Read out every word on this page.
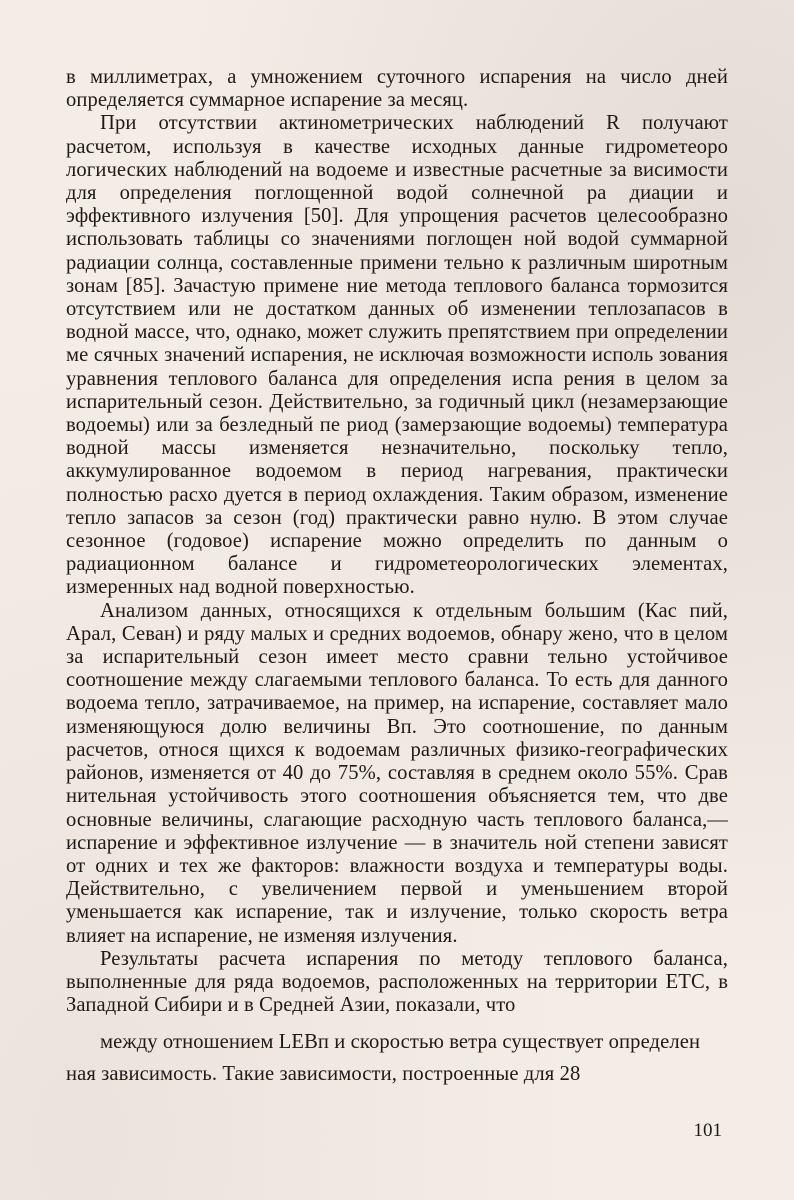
в миллиметрах, а умножением суточного испарения на число дней определяется суммарное испарение за месяц.

При отсутствии актинометрических наблюдений R получают расчетом, используя в качестве исходных данные гидрометеоро логических наблюдений на водоеме и известные расчетные за висимости для определения поглощенной водой солнечной ра диации и эффективного излучения [50]. Для упрощения расчетов целесообразно использовать таблицы со значениями поглощен ной водой суммарной радиации солнца, составленные примени тельно к различным широтным зонам [85]. Зачастую примене ние метода теплового баланса тормозится отсутствием или не достатком данных об изменении теплозапасов в водной массе, что, однако, может служить препятствием при определении ме сячных значений испарения, не исключая возможности исполь зования уравнения теплового баланса для определения испа рения в целом за испарительный сезон. Действительно, за годичный цикл (незамерзающие водоемы) или за безледный пе риод (замерзающие водоемы) температура водной массы изменяется незначительно, поскольку тепло, аккумулированное водоемом в период нагревания, практически полностью расхо дуется в период охлаждения. Таким образом, изменение тепло запасов за сезон (год) практически равно нулю. В этом случае сезонное (годовое) испарение можно определить по данным о радиационном балансе и гидрометеорологических элементах, измеренных над водной поверхностью.

Анализом данных, относящихся к отдельным большим (Кас пий, Арал, Севан) и ряду малых и средних водоемов, обнару жено, что в целом за испарительный сезон имеет место сравни тельно устойчивое соотношение между слагаемыми теплового баланса. То есть для данного водоема тепло, затрачиваемое, на пример, на испарение, составляет мало изменяющуюся долю величины Bп. Это соотношение, по данным расчетов, относя щихся к водоемам различных физико-географических районов, изменяется от 40 до 75%, составляя в среднем около 55%. Срав нительная устойчивость этого соотношения объясняется тем, что две основные величины, слагающие расходную часть теплового баланса,— испарение и эффективное излучение — в значитель ной степени зависят от одних и тех же факторов: влажности воздуха и температуры воды. Действительно, с увеличением первой и уменьшением второй уменьшается как испарение, так и излучение, только скорость ветра влияет на испарение, не изменяя излучения.

Результаты расчета испарения по методу теплового баланса, выполненные для ряда водоемов, расположенных на территории ЕТС, в Западной Сибири и в Средней Азии, показали, что
между отношением LEBп и скоростью ветра существует определен
ная зависимость. Такие зависимости, построенные для 28

101
